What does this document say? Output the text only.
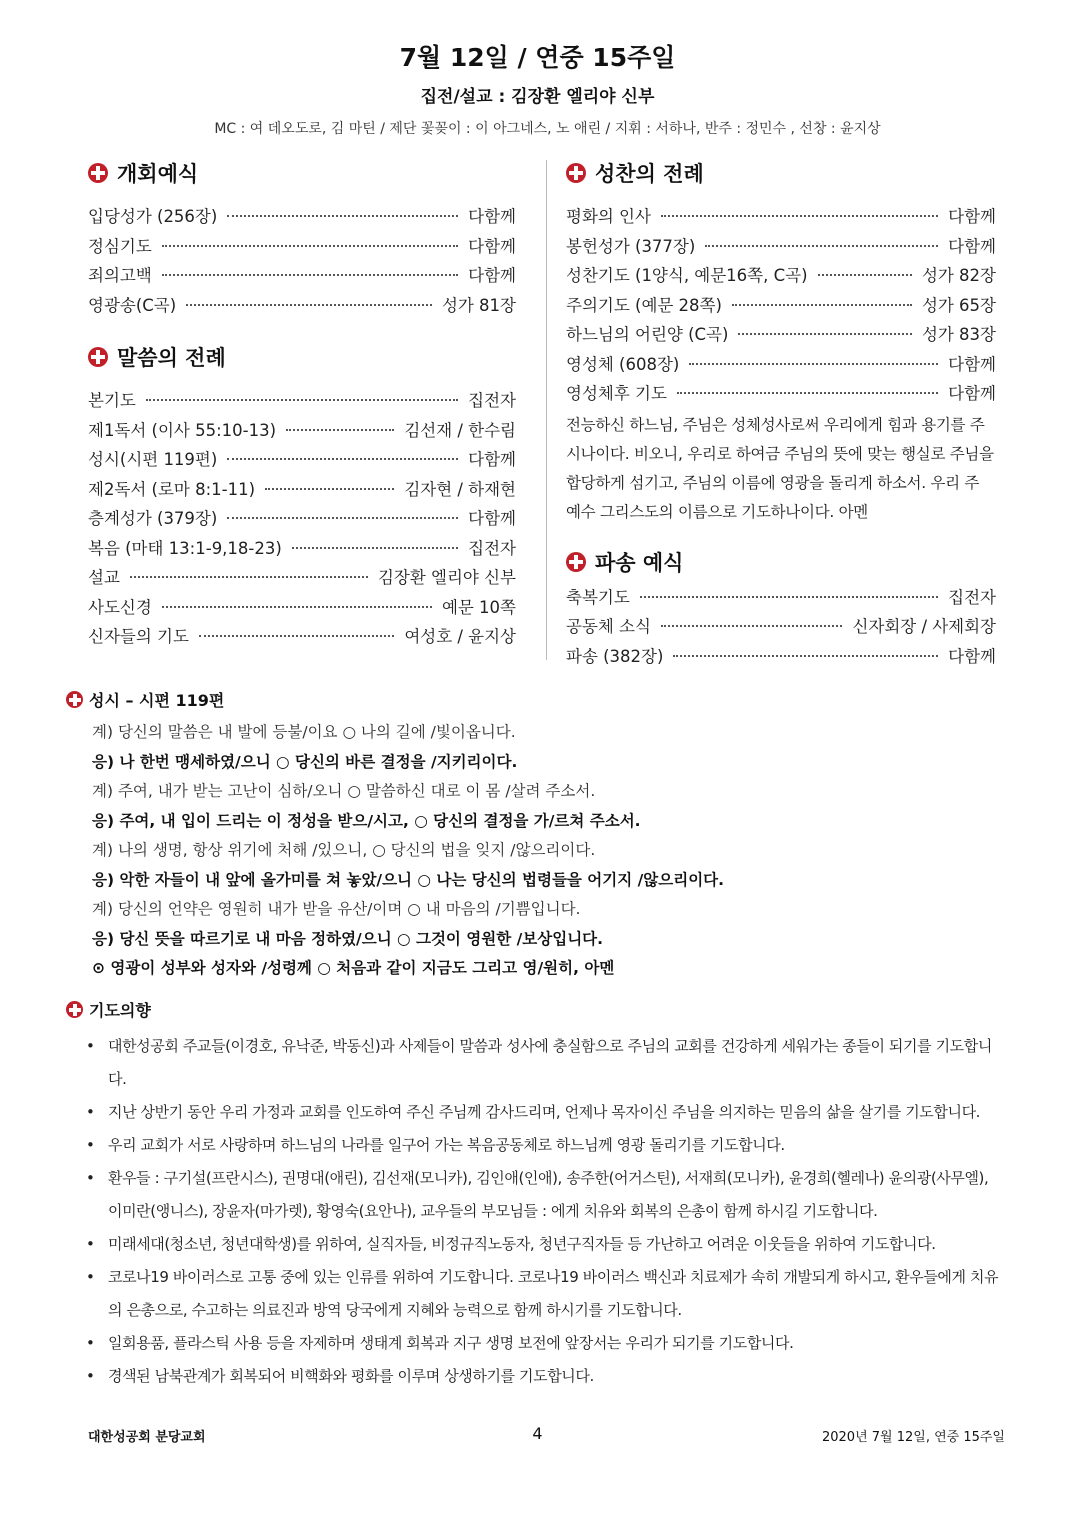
7월 12일 / 연중 15주일
집전/설교 : 김장환 엘리야 신부
MC : 여 데오도로, 김 마틴 / 제단 꽃꽂이 : 이 아그네스, 노 애린 / 지휘 : 서하나, 반주 : 정민수 , 선창 : 윤지상
개회예식
입당성가 (256장)	다함께
정심기도	다함께
죄의고백	다함께
영광송(C곡)	성가 81장
말씀의 전례
본기도	집전자
제1독서 (이사 55:10-13)	김선재 / 한수림
성시(시편 119편)	다함께
제2독서 (로마 8:1-11)	김자현 / 하재현
층계성가 (379장)	다함께
복음 (마태 13:1-9,18-23)	집전자
설교	김장환 엘리야 신부
사도신경	예문 10쪽
신자들의 기도	여성호 / 윤지상
성찬의 전례
평화의 인사	다함께
봉헌성가 (377장)	다함께
성찬기도 (1양식, 예문16쪽, C곡)	성가 82장
주의기도 (예문 28쪽)	성가 65장
하느님의 어린양 (C곡)	성가 83장
영성체 (608장)	다함께
영성체후 기도	다함께
전능하신 하느님, 주님은 성체성사로써 우리에게 힘과 용기를 주시나이다. 비오니, 우리로 하여금 주님의 뜻에 맞는 행실로 주님을 합당하게 섬기고, 주님의 이름에 영광을 돌리게 하소서. 우리 주 예수 그리스도의 이름으로 기도하나이다. 아멘
파송 예식
축복기도	집전자
공동체 소식	신자회장 / 사제회장
파송 (382장)	다함께
성시 – 시편 119편
계) 당신의 말씀은 내 발에 등불/이요 ○ 나의 길에 /빛이옵니다.
응) 나 한번 맹세하였/으니 ○ 당신의 바른 결정을 /지키리이다.
계) 주여, 내가 받는 고난이 심하/오니 ○ 말씀하신 대로 이 몸 /살려 주소서.
응) 주여, 내 입이 드리는 이 정성을 받으/시고, ○ 당신의 결정을 가/르쳐 주소서.
계) 나의 생명, 항상 위기에 처해 /있으니, ○ 당신의 법을 잊지 /않으리이다.
응) 악한 자들이 내 앞에 올가미를 쳐 놓았/으니 ○ 나는 당신의 법령들을 어기지 /않으리이다.
계) 당신의 언약은 영원히 내가 받을 유산/이며 ○ 내 마음의 /기쁨입니다.
응) 당신 뜻을 따르기로 내 마음 정하였/으니 ○ 그것이 영원한 /보상입니다.
⊙ 영광이 성부와 성자와 /성령께 ○ 처음과 같이 지금도 그리고 영/원히, 아멘
기도의향
• 대한성공회 주교들(이경호, 유낙준, 박동신)과 사제들이 말씀과 성사에 충실함으로 주님의 교회를 건강하게 세워가는 종들이 되기를 기도합니다.
• 지난 상반기 동안 우리 가정과 교회를 인도하여 주신 주님께 감사드리며, 언제나 목자이신 주님을 의지하는 믿음의 삶을 살기를 기도합니다.
• 우리 교회가 서로 사랑하며 하느님의 나라를 일구어 가는 복음공동체로 하느님께 영광 돌리기를 기도합니다.
• 환우들 : 구기설(프란시스), 권명대(애린), 김선재(모니카), 김인애(인애), 송주한(어거스틴), 서재희(모니카), 윤경희(헬레나) 윤의광(사무엘), 이미란(앵니스), 장윤자(마가렛), 황영숙(요안나), 교우들의 부모님들 : 에게 치유와 회복의 은총이 함께 하시길 기도합니다.
• 미래세대(청소년, 청년대학생)를 위하여, 실직자들, 비정규직노동자, 청년구직자들 등 가난하고 어려운 이웃들을 위하여 기도합니다.
• 코로나19 바이러스로 고통 중에 있는 인류를 위하여 기도합니다. 코로나19 바이러스 백신과 치료제가 속히 개발되게 하시고, 환우들에게 치유의 은총으로, 수고하는 의료진과 방역 당국에게 지혜와 능력으로 함께 하시기를 기도합니다.
• 일회용품, 플라스틱 사용 등을 자제하며 생태계 회복과 지구 생명 보전에 앞장서는 우리가 되기를 기도합니다.
• 경색된 남북관계가 회복되어 비핵화와 평화를 이루며 상생하기를 기도합니다.
대한성공회 분당교회	4	2020년 7월 12일, 연중 15주일
